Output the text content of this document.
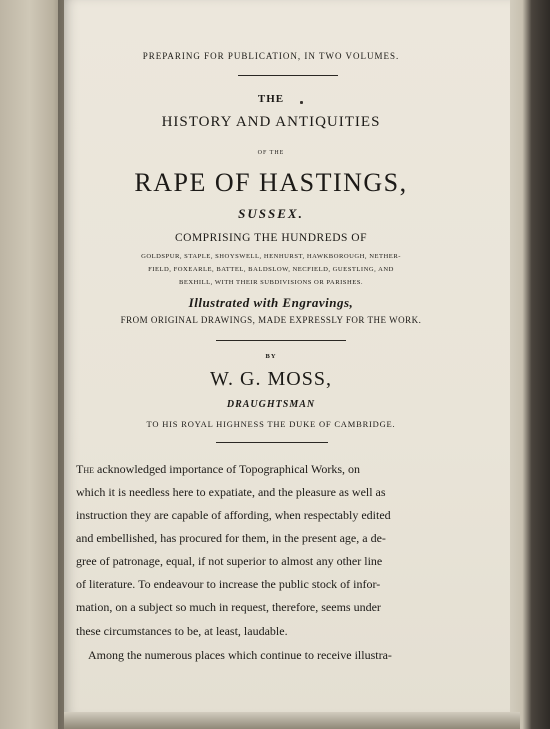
PREPARING FOR PUBLICATION, IN TWO VOLUMES.
THE
HISTORY AND ANTIQUITIES
OF THE
RAPE OF HASTINGS,
SUSSEX.
COMPRISING THE HUNDREDS OF
GOLDSPUR, STAPLE, SHOYSWELL, HENHURST, HAWKBOROUGH, NETHER-
FIELD, FOXEARLE, BATTEL, BALDSLOW, NECFIELD, GUESTLING, AND
BEXHILL, WITH THEIR SUBDIVISIONS OR PARISHES.
Illustrated with Engravings,
FROM ORIGINAL DRAWINGS, MADE EXPRESSLY FOR THE WORK.
BY
W. G. MOSS,
DRAUGHTSMAN
TO HIS ROYAL HIGHNESS THE DUKE OF CAMBRIDGE.
The acknowledged importance of Topographical Works, on
which it is needless here to expatiate, and the pleasure as well as
instruction they are capable of affording, when respectably edited
and embellished, has procured for them, in the present age, a de-
gree of patronage, equal, if not superior to almost any other line
of literature. To endeavour to increase the public stock of infor-
mation, on a subject so much in request, therefore, seems under
these circumstances to be, at least, laudable.
Among the numerous places which continue to receive illustra-
